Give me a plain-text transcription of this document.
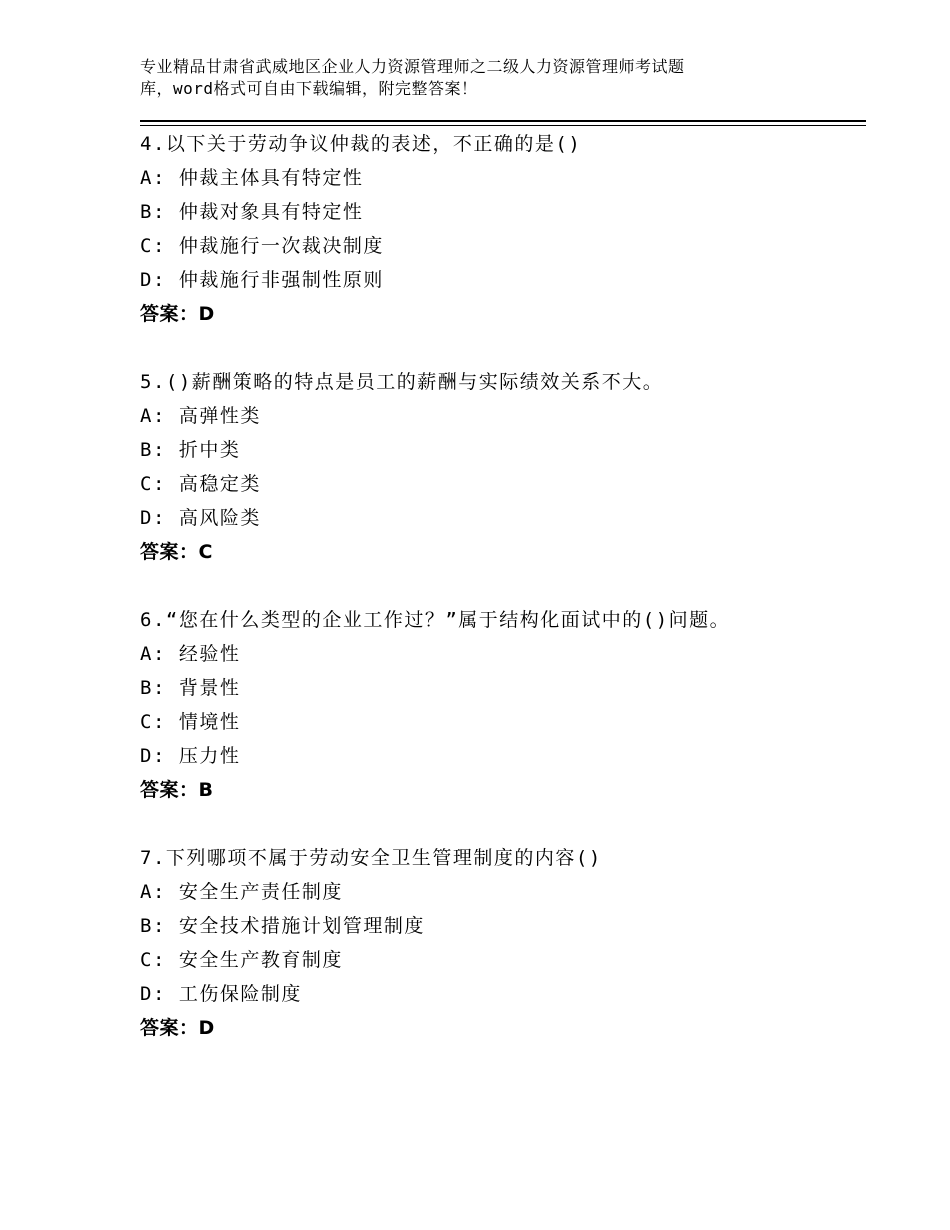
专业精品甘肃省武威地区企业人力资源管理师之二级人力资源管理师考试题
库，word格式可自由下载编辑，附完整答案！
4.以下关于劳动争议仲裁的表述，不正确的是()
A: 仲裁主体具有特定性
B: 仲裁对象具有特定性
C: 仲裁施行一次裁决制度
D: 仲裁施行非强制性原则
答案：D
5.()薪酬策略的特点是员工的薪酬与实际绩效关系不大。
A: 高弹性类
B: 折中类
C: 高稳定类
D: 高风险类
答案：C
6.“您在什么类型的企业工作过？”属于结构化面试中的()问题。
A: 经验性
B: 背景性
C: 情境性
D: 压力性
答案：B
7.下列哪项不属于劳动安全卫生管理制度的内容()
A: 安全生产责任制度
B: 安全技术措施计划管理制度
C: 安全生产教育制度
D: 工伤保险制度
答案：D
